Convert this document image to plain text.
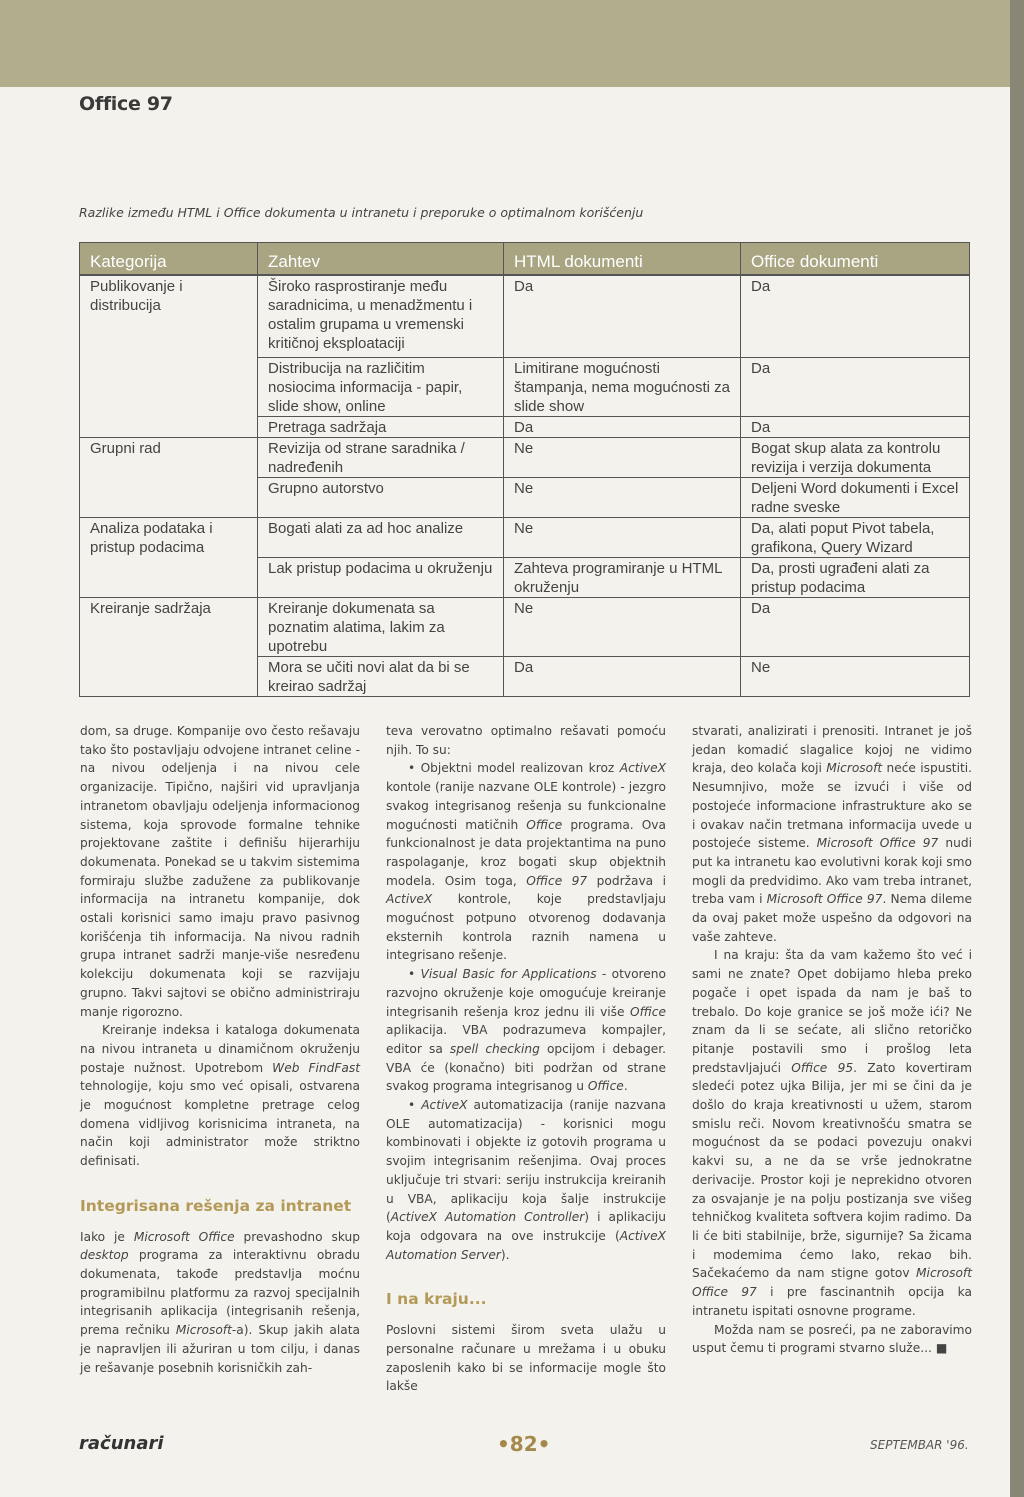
Office 97
Razlike između HTML i Office dokumenta u intranetu i preporuke o optimalnom korišćenju
Kategorija	Zahtev	HTML dokumenti	Office dokumenti
Publikovanje i distribucija	Široko rasprostiranje među saradnicima, u menadžmentu i ostalim grupama u vremenski kritičnoj eksploataciji	Da	Da
	Distribucija na različitim nosiocima informacija - papir, slide show, online	Limitirane mogućnosti štampanja, nema mogućnosti za slide show	Da
	Pretraga sadržaja	Da	Da
Grupni rad	Revizija od strane saradnika / nadređenih	Ne	Bogat skup alata za kontrolu revizija i verzija dokumenta
	Grupno autorstvo	Ne	Deljeni Word dokumenti i Excel radne sveske
Analiza podataka i pristup podacima	Bogati alati za ad hoc analize	Ne	Da, alati poput Pivot tabela, grafikona, Query Wizard
	Lak pristup podacima u okruženju	Zahteva programiranje u HTML okruženju	Da, prosti ugrađeni alati za pristup podacima
Kreiranje sadržaja	Kreiranje dokumenata sa poznatim alatima, lakim za upotrebu	Ne	Da
	Mora se učiti novi alat da bi se kreirao sadržaj	Da	Ne

dom, sa druge. Kompanije ovo često rešavaju tako što postavljaju odvojene intranet celine - na nivou odeljenja i na nivou cele organizacije. Tipično, najširi vid upravljanja intranetom obavljaju odeljenja informacionog sistema, koja sprovode formalne tehnike projektovane zaštite i definišu hijerarhiju dokumenata. Ponekad se u takvim sistemima formiraju službe zadužene za publikovanje informacija na intranetu kompanije, dok ostali korisnici samo imaju pravo pasivnog korišćenja tih informacija. Na nivou radnih grupa intranet sadrži manje-više nesređenu kolekciju dokumenata koji se razvijaju grupno. Takvi sajtovi se obično administriraju manje rigorozno.

Kreiranje indeksa i kataloga dokumenata na nivou intraneta u dinamičnom okruženju postaje nužnost. Upotrebom Web FindFast tehnologije, koju smo već opisali, ostvarena je mogućnost kompletne pretrage celog domena vidljivog korisnicima intraneta, na način koji administrator može striktno definisati.

Integrisana rešenja za intranet

Iako je Microsoft Office prevashodno skup desktop programa za interaktivnu obradu dokumenata, takođe predstavlja moćnu programibilnu platformu za razvoj specijalnih integrisanih aplikacija (integrisanih rešenja, prema rečniku Microsoft-a). Skup jakih alata je napravljen ili ažuriran u tom cilju, i danas je rešavanje posebnih korisničkih zah-

teva verovatno optimalno rešavati pomoću njih. To su:

• Objektni model realizovan kroz ActiveX kontole (ranije nazvane OLE kontrole) - jezgro svakog integrisanog rešenja su funkcionalne mogućnosti matičnih Office programa. Ova funkcionalnost je data projektantima na puno raspolaganje, kroz bogati skup objektnih modela. Osim toga, Office 97 podržava i ActiveX kontrole, koje predstavljaju mogućnost potpuno otvorenog dodavanja eksternih kontrola raznih namena u integrisano rešenje.

• Visual Basic for Applications - otvoreno razvojno okruženje koje omogućuje kreiranje integrisanih rešenja kroz jednu ili više Office aplikacija. VBA podrazumeva kompajler, editor sa spell checking opcijom i debager. VBA će (konačno) biti podržan od strane svakog programa integrisanog u Office.

• ActiveX automatizacija (ranije nazvana OLE automatizacija) - korisnici mogu kombinovati i objekte iz gotovih programa u svojim integrisanim rešenjima. Ovaj proces uključuje tri stvari: seriju instrukcija kreiranih u VBA, aplikaciju koja šalje instrukcije (ActiveX Automation Controller) i aplikaciju koja odgovara na ove instrukcije (ActiveX Automation Server).

I na kraju...

Poslovni sistemi širom sveta ulažu u personalne računare u mrežama i u obuku zaposlenih kako bi se informacije mogle što lakše

stvarati, analizirati i prenositi. Intranet je još jedan komadić slagalice kojoj ne vidimo kraja, deo kolača koji Microsoft neće ispustiti. Nesumnjivo, može se izvući i više od postojeće informacione infrastrukture ako se i ovakav način tretmana informacija uvede u postojeće sisteme. Microsoft Office 97 nudi put ka intranetu kao evolutivni korak koji smo mogli da predvidimo. Ako vam treba intranet, treba vam i Microsoft Office 97. Nema dileme da ovaj paket može uspešno da odgovori na vaše zahteve.

I na kraju: šta da vam kažemo što već i sami ne znate? Opet dobijamo hleba preko pogače i opet ispada da nam je baš to trebalo. Do koje granice se još može ići? Ne znam da li se sećate, ali slično retoričko pitanje postavili smo i prošlog leta predstavljajući Office 95. Zato kovertiram sledeći potez ujka Bilija, jer mi se čini da je došlo do kraja kreativnosti u užem, starom smislu reči. Novom kreativnošću smatra se mogućnost da se podaci povezuju onakvi kakvi su, a ne da se vrše jednokratne derivacije. Prostor koji je neprekidno otvoren za osvajanje je na polju postizanja sve višeg tehničkog kvaliteta softvera kojim radimo. Da li će biti stabilnije, brže, sigurnije? Sa žicama i modemima ćemo lako, rekao bih. Sačekaćemo da nam stigne gotov Microsoft Office 97 i pre fascinantnih opcija ka intranetu ispitati osnovne programe.

Možda nam se posreći, pa ne zaboravimo usput čemu ti programi stvarno služe... ■

računari	•82•	SEPTEMBAR '96.
